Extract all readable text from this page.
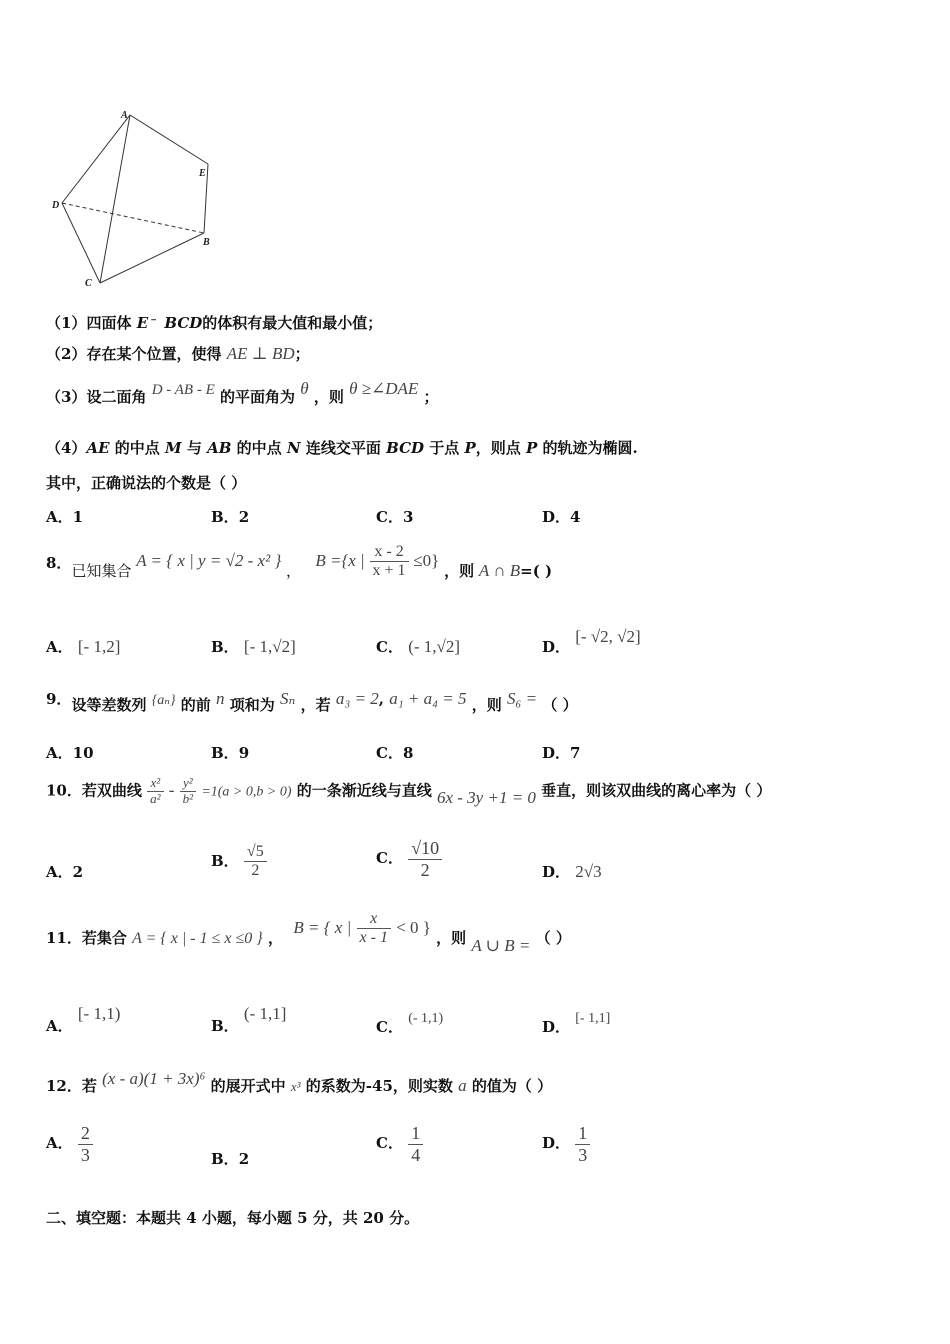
A
E
D
B
C
（1）四面体 E﹣ BCD的体积有最大值和最小值；
（2）存在某个位置，使得 AE ⊥ BD；
（3）设二面角 D - AB - E 的平面角为 θ ，则 θ ≥∠DAE ；
（4）AE 的中点 M 与 AB 的中点 N 连线交平面 BCD 于点 P，则点 P 的轨迹为椭圆.
其中，正确说法的个数是（ ）
A．1	B．2	C．3	D．4
8．已知集合 A = { x | y = √2 - x² } ，   B ={x | $\frac{x - 2}{x + 1} \le 0$} ，则 A ∩ B=( )
A． [- 1,2]	B． [- 1,√2]	C． (- 1,√2]	D． [- √2, √2]
9．设等差数列 {aₙ} 的前 n 项和为 Sₙ ，若 a₃ = 2, a₁ + a₄ = 5 ，则 S₆ = （ ）
A．10	B．9	C．8	D．7
10．若双曲线 $\frac{\text{x²}}{\text{a²}} - \frac{\text{y²}}{\text{b²}} =1(a > 0,b > 0)$ 的一条渐近线与直线 6x - 3y +1 = 0 垂直，则该双曲线的离心率为（ ）
A．2
B． $\frac{√5}{2}$	C． $\frac{√10}{2}$	D． 2√3
11．若集合 A = { x | - 1 ≤ x ≤0 } ，  B = { x | $\frac{x}{x - 1} < 0$ } ，则 A ∪ B = （ ）
A． [- 1,1)
B． (- 1,1]
C． (- 1,1)	D． [- 1,1]
12．若 (x - a)(1 + 3x)⁶ 的展开式中 x³ 的系数为-45，则实数 a 的值为（ ）
A． $\frac{2}{3}$	B．2
C． $\frac{1}{4}$	D． $\frac{1}{3}$
二、填空题：本题共 4 小题，每小题 5 分，共 20 分。
